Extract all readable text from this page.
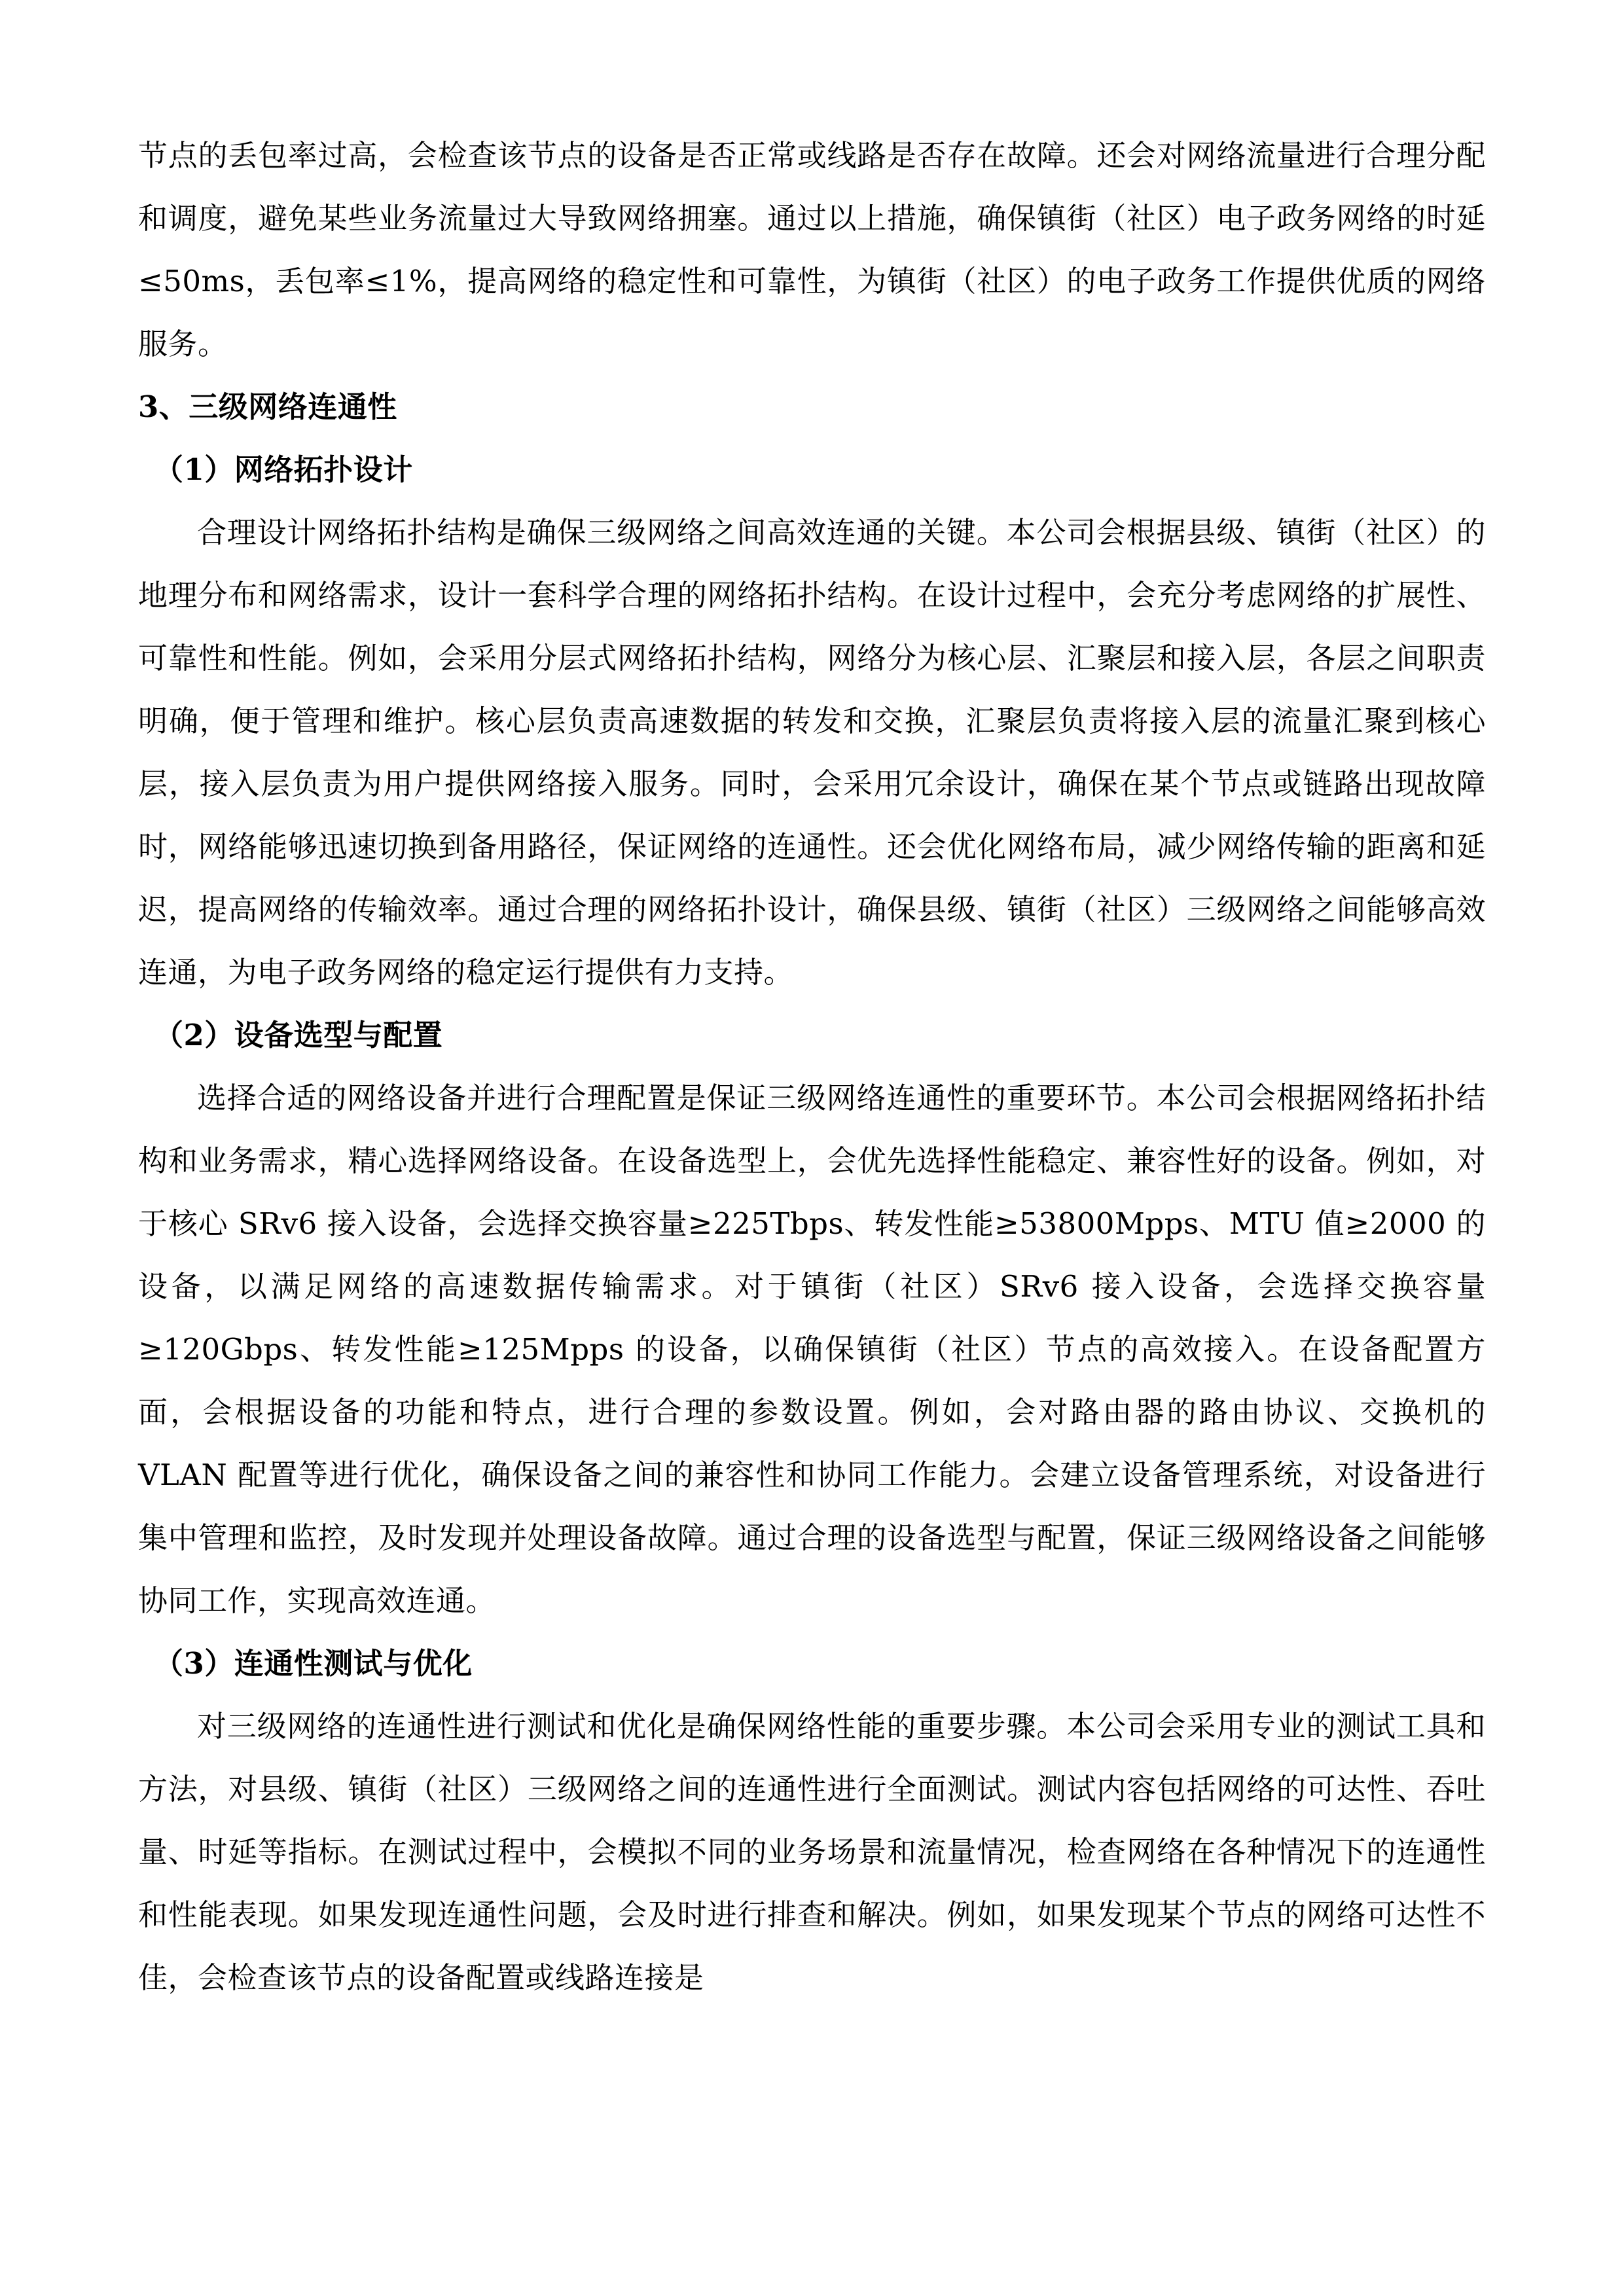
节点的丢包率过高，会检查该节点的设备是否正常或线路是否存在故障。还会对网络流量进行合理分配和调度，避免某些业务流量过大导致网络拥塞。通过以上措施，确保镇街（社区）电子政务网络的时延≤50ms，丢包率≤1%，提高网络的稳定性和可靠性，为镇街（社区）的电子政务工作提供优质的网络服务。

3、三级网络连通性
（1）网络拓扑设计

合理设计网络拓扑结构是确保三级网络之间高效连通的关键。本公司会根据县级、镇街（社区）的地理分布和网络需求，设计一套科学合理的网络拓扑结构。在设计过程中，会充分考虑网络的扩展性、可靠性和性能。例如，会采用分层式网络拓扑结构，网络分为核心层、汇聚层和接入层，各层之间职责明确，便于管理和维护。核心层负责高速数据的转发和交换，汇聚层负责将接入层的流量汇聚到核心层，接入层负责为用户提供网络接入服务。同时，会采用冗余设计，确保在某个节点或链路出现故障时，网络能够迅速切换到备用路径，保证网络的连通性。还会优化网络布局，减少网络传输的距离和延迟，提高网络的传输效率。通过合理的网络拓扑设计，确保县级、镇街（社区）三级网络之间能够高效连通，为电子政务网络的稳定运行提供有力支持。

（2）设备选型与配置

选择合适的网络设备并进行合理配置是保证三级网络连通性的重要环节。本公司会根据网络拓扑结构和业务需求，精心选择网络设备。在设备选型上，会优先选择性能稳定、兼容性好的设备。例如，对于核心 SRv6 接入设备，会选择交换容量≥225Tbps、转发性能≥53800Mpps、MTU 值≥2000 的设备，以满足网络的高速数据传输需求。对于镇街（社区）SRv6 接入设备，会选择交换容量≥120Gbps、转发性能≥125Mpps 的设备，以确保镇街（社区）节点的高效接入。在设备配置方面，会根据设备的功能和特点，进行合理的参数设置。例如，会对路由器的路由协议、交换机的 VLAN 配置等进行优化，确保设备之间的兼容性和协同工作能力。会建立设备管理系统，对设备进行集中管理和监控，及时发现并处理设备故障。通过合理的设备选型与配置，保证三级网络设备之间能够协同工作，实现高效连通。

（3）连通性测试与优化

对三级网络的连通性进行测试和优化是确保网络性能的重要步骤。本公司会采用专业的测试工具和方法，对县级、镇街（社区）三级网络之间的连通性进行全面测试。测试内容包括网络的可达性、吞吐量、时延等指标。在测试过程中，会模拟不同的业务场景和流量情况，检查网络在各种情况下的连通性和性能表现。如果发现连通性问题，会及时进行排查和解决。例如，如果发现某个节点的网络可达性不佳，会检查该节点的设备配置或线路连接是
